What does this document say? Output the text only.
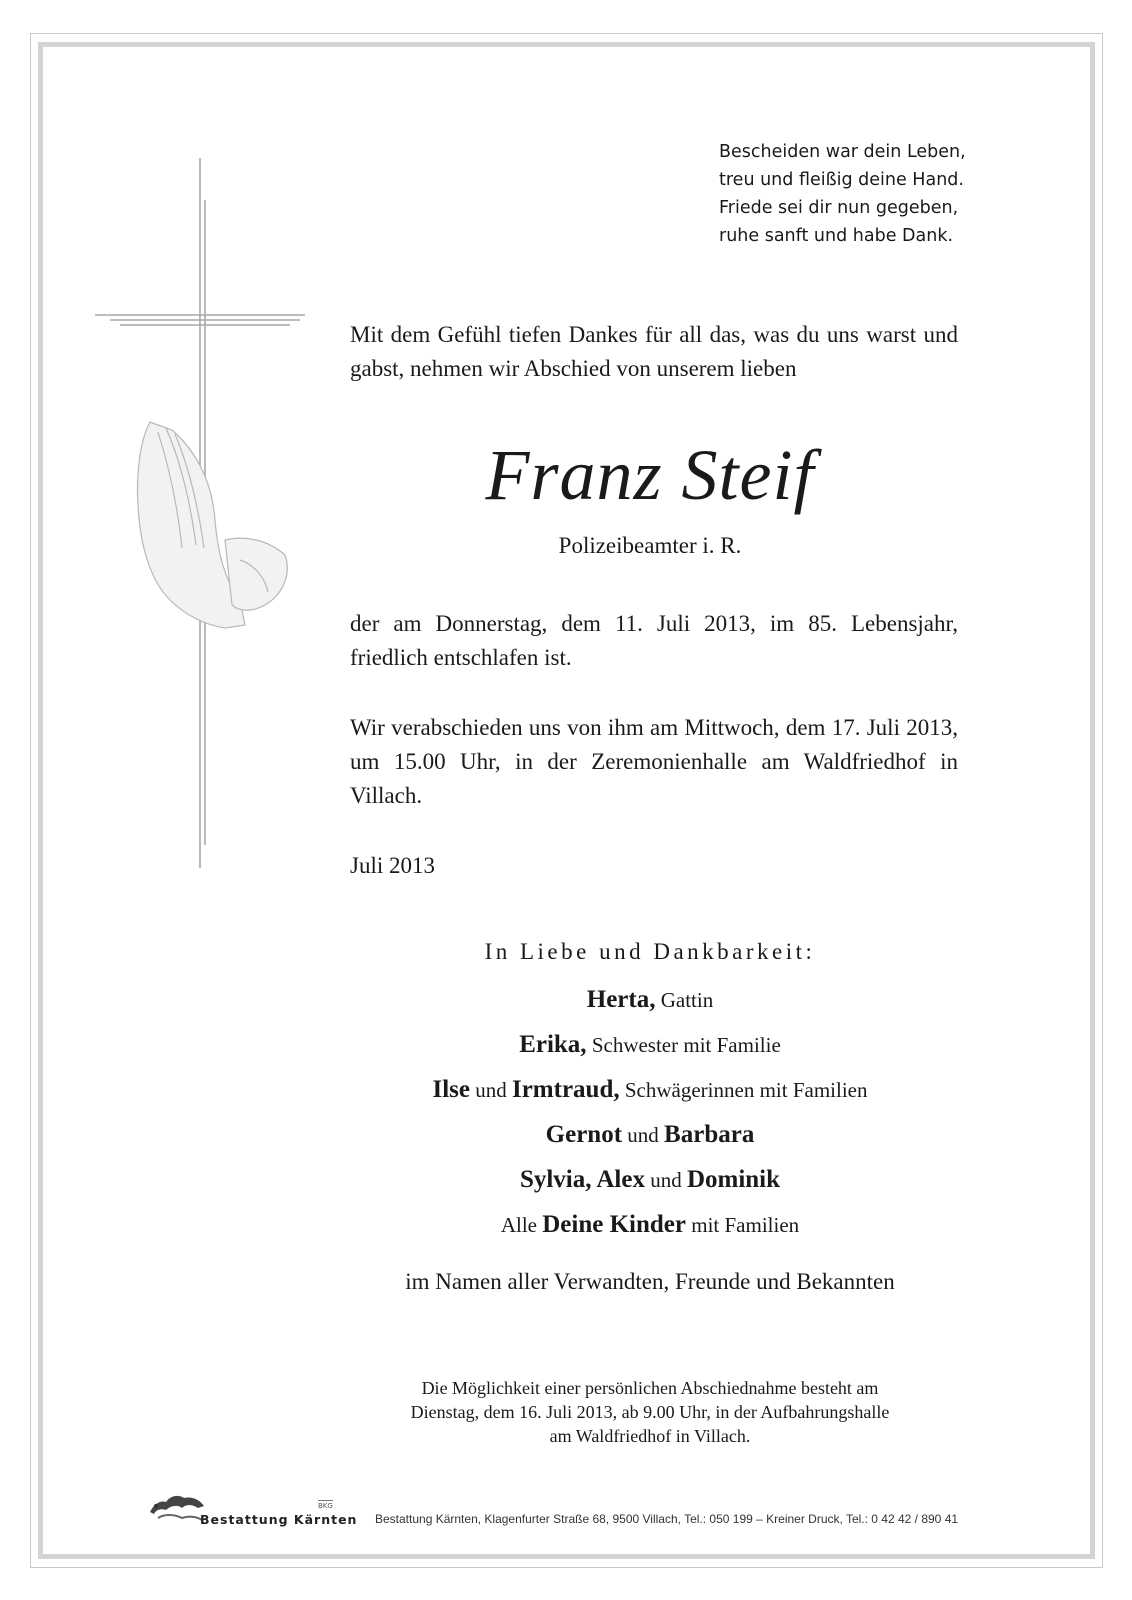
Bescheiden war dein Leben,
treu und fleißig deine Hand.
Friede sei dir nun gegeben,
ruhe sanft und habe Dank.
Mit dem Gefühl tiefen Dankes für all das, was du uns warst und gabst, nehmen wir Abschied von unserem lieben
Franz Steif
Polizeibeamter i. R.
der am Donnerstag, dem 11. Juli 2013, im 85. Lebensjahr, friedlich entschlafen ist.
Wir verabschieden uns von ihm am Mittwoch, dem 17. Juli 2013, um 15.00 Uhr, in der Zeremonienhalle am Waldfriedhof in Villach.
Juli 2013
In Liebe und Dankbarkeit:
Herta, Gattin
Erika, Schwester mit Familie
Ilse und Irmtraud, Schwägerinnen mit Familien
Gernot und Barbara
Sylvia, Alex und Dominik
Alle Deine Kinder mit Familien
im Namen aller Verwandten, Freunde und Bekannten
Die Möglichkeit einer persönlichen Abschiednahme besteht am
Dienstag, dem 16. Juli 2013, ab 9.00 Uhr, in der Aufbahrungshalle
am Waldfriedhof in Villach.
BKG
Bestattung Kärnten Bestattung Kärnten, Klagenfurter Straße 68, 9500 Villach, Tel.: 050 199 – Kreiner Druck, Tel.: 0 42 42 / 890 41
